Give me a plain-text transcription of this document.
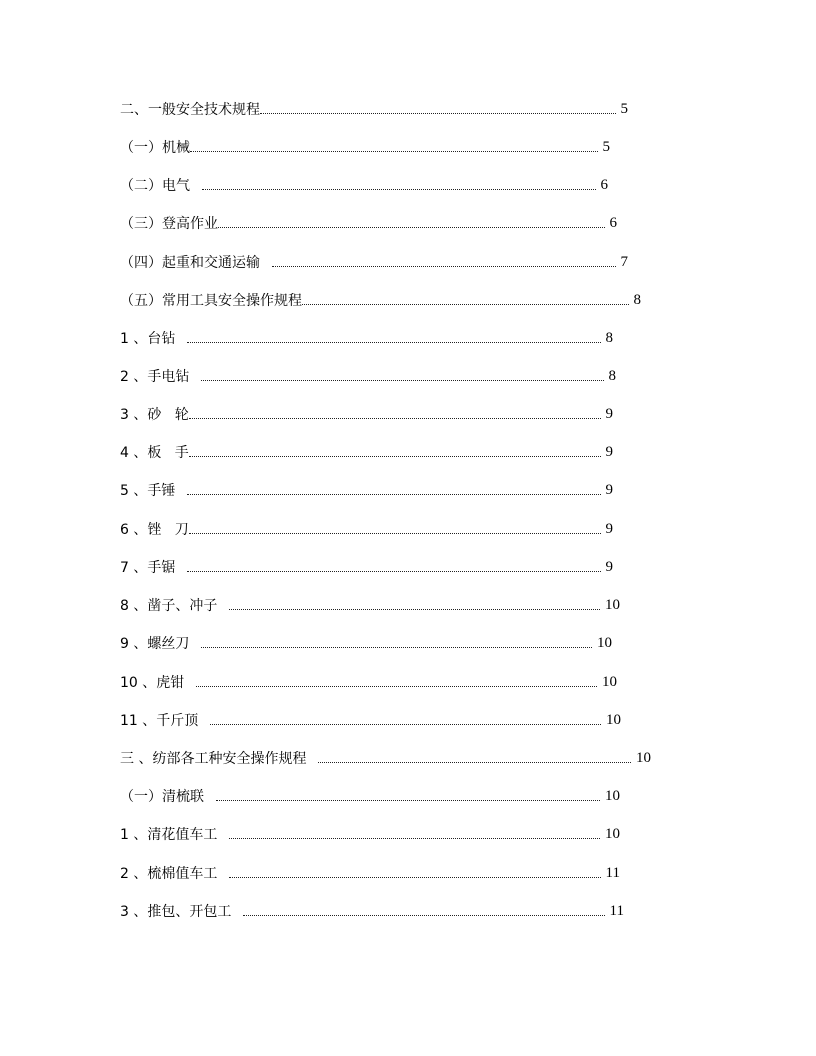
二、一般安全技术规程	5
（一）机械	5
（二）电气	6
（三）登高作业	6
（四）起重和交通运输	7
（五）常用工具安全操作规程	8
1 、台钻	8
2 、手电钻	8
3 、砂   轮	9
4 、板   手	9
5 、手锤	9
6 、锉   刀	9
7 、手锯	9
8 、凿子、冲子	10
9 、螺丝刀	10
10 、虎钳	10
11 、千斤顶	10
三 、纺部各工种安全操作规程	10
（一）清梳联	10
1 、清花值车工	10
2 、梳棉值车工	11
3 、推包、开包工	11
